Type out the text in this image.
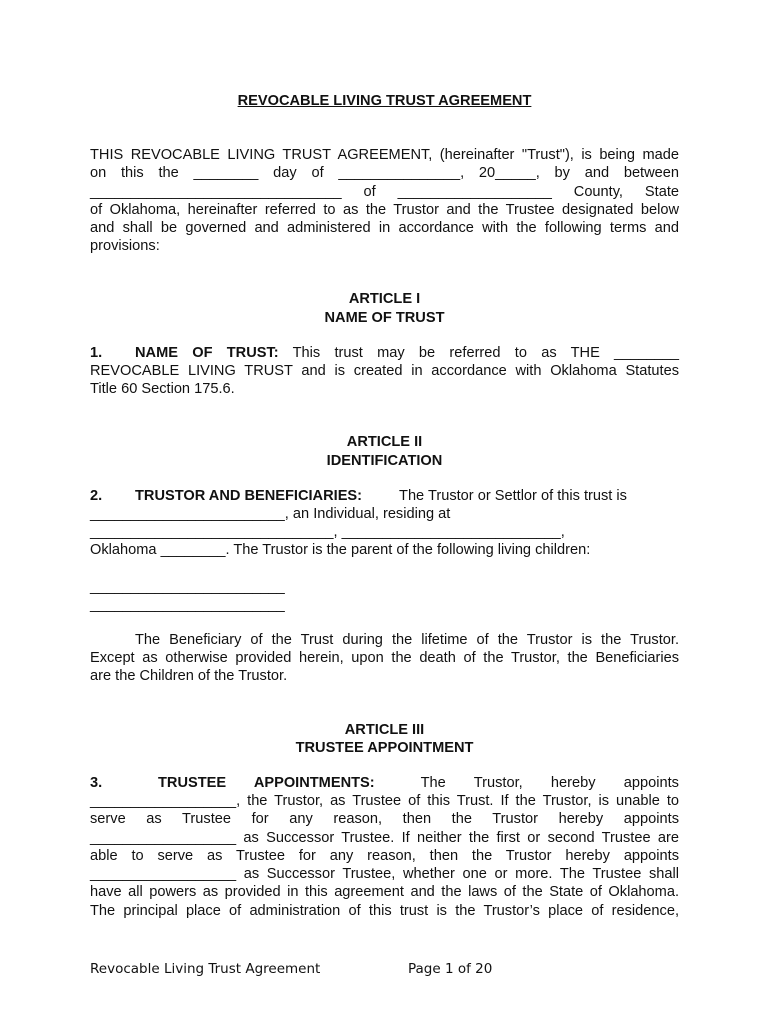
REVOCABLE LIVING TRUST AGREEMENT

THIS REVOCABLE LIVING TRUST AGREEMENT, (hereinafter "Trust"), is being made

on this the ________ day of _______________, 20_____, by and between

_______________________________ of ___________________ County, State

of Oklahoma, hereinafter referred to as the Trustor and the Trustee designated below

and shall be governed and administered in accordance with the following terms and

provisions:

ARTICLE I

NAME OF TRUST

1. NAME OF TRUST: This trust may be referred to as THE ________

REVOCABLE LIVING TRUST and is created in accordance with Oklahoma Statutes

Title 60 Section 175.6.

ARTICLE II

IDENTIFICATION

2. TRUSTOR AND BENEFICIARIES:	The Trustor or Settlor of this trust is

________________________, an Individual, residing at

______________________________, ___________________________,

Oklahoma ________. The Trustor is the parent of the following living children:

________________________

________________________

The Beneficiary of the Trust during the lifetime of the Trustor is the Trustor.

Except as otherwise provided herein, upon the death of the Trustor, the Beneficiaries

are the Children of the Trustor.

ARTICLE III

TRUSTEE APPOINTMENT

3.	TRUSTEE APPOINTMENTS:	The Trustor, hereby appoints

__________________, the Trustor, as Trustee of this Trust. If the Trustor, is unable to

serve as Trustee for any reason, then the Trustor hereby appoints

__________________ as Successor Trustee. If neither the first or second Trustee are

able to serve as Trustee for any reason, then the Trustor hereby appoints

__________________ as Successor Trustee, whether one or more. The Trustee shall

have all powers as provided in this agreement and the laws of the State of Oklahoma.

The principal place of administration of this trust is the Trustor’s place of residence,

Revocable Living Trust Agreement	Page 1 of 20
